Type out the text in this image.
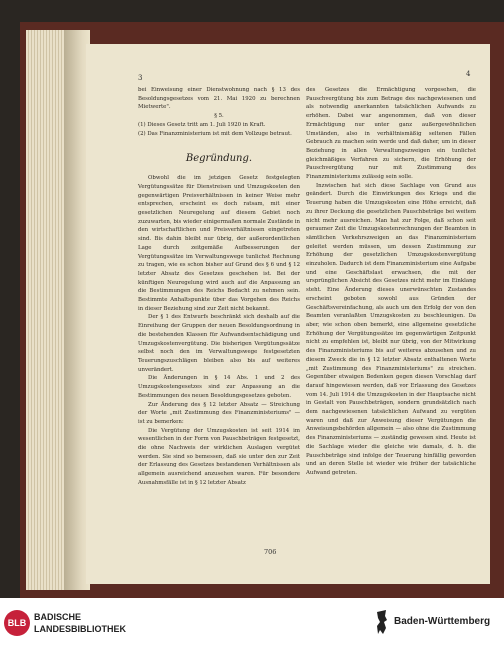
3	4

bei Einweisung einer Dienstwohnung nach § 13 des Besoldungsgesetzes vom 21. Mai 1920 zu berechnen Mietwerte".

§ 5.

(1) Dieses Gesetz tritt am 1. Juli 1920 in Kraft.

(2) Das Finanzministerium ist mit dem Vollzuge betraut.

Begründung.

Obwohl die im jetzigen Gesetz festgelegten Vergütungssätze für Dienstreisen und Umzugskosten den gegenwärtigen Preisverhältnissen in keiner Weise mehr entsprechen, erscheint es doch ratsam, mit einer gesetzlichen Neuregelung auf diesem Gebiet noch zuzuwarten, bis wieder einigermaßen normale Zustände in den wirtschaftlichen und Preisverhältnissen eingetreten sind. Bis dahin bleibt nur übrig, der außerordentlichen Lage durch zeitgemäße Aufbesserungen der Vergütungssätze im Verwaltungswege tunlichst Rechnung zu tragen, wie es schon bisher auf Grund des § 6 und § 12 letzter Absatz des Gesetzes geschehen ist. Bei der künftigen Neuregelung wird auch auf die Anpassung an die Bestimmungen des Reichs Bedacht zu nehmen sein. Bestimmte Anhaltspunkte über das Vorgehen des Reichs in dieser Beziehung sind zur Zeit nicht bekannt.

Der § 1 des Entwurfs beschränkt sich deshalb auf die Einreihung der Gruppen der neuen Besoldungsordnung in die bestehenden Klassen für Aufwandsentschädigung und Umzugskostenvergütung. Die bisherigen Vergütungssätze selbst noch den im Verwaltungswege festgesetzten Teuerungszuschlägen bleiben also bis auf weiteres unverändert.

Die Änderungen in § 14 Abs. 1 und 2 des Umzugskostengesetzes sind zur Anpassung an die Bestimmungen des neuen Besoldungsgesetzes geboten.

Zur Änderung des § 12 letzter Absatz — Streichung der Worte „mit Zustimmung des Finanzministeriums" — ist zu bemerken:

Die Vergütung der Umzugskosten ist seit 1914 im wesentlichen in der Form von Pauschbeträgen festgesetzt, die ohne Nachweis der wirklichen Auslagen vergütet werden. Sie sind so bemessen, daß sie unter den zur Zeit der Erlassung des Gesetzes bestandenen Verhältnissen als allgemein ausreichend anzusehen waren. Für besondere Ausnahmsfälle ist in § 12 letzter Absatz

des Gesetzes die Ermächtigung vorgesehen, die Pauschvergütung bis zum Betrage des nachgewiesenen und als notwendig anerkannten tatsächlichen Aufwands zu erhöhen. Dabei war angenommen, daß von dieser Ermächtigung nur unter ganz außergewöhnlichen Umständen, also in verhältnismäßig seltenen Fällen Gebrauch zu machen sein werde und daß daher, um in dieser Beziehung in allen Verwaltungszweigen ein tunlichst gleichmäßiges Verfahren zu sichern, die Erhöhung der Pauschvergütung nur mit Zustimmung des Finanzministeriums zulässig sein solle.

Inzwischen hat sich diese Sachlage von Grund aus geändert. Durch die Einwirkungen des Kriegs und die Teuerung haben die Umzugskosten eine Höhe erreicht, daß zu ihrer Deckung die gesetzlichen Pauschbeträge bei weitem nicht mehr ausreichen. Man hat zur Folge, daß schon seit geraumer Zeit die Umzugskostenrechnungen der Beamten in sämtlichen Verkehrszweigen an das Finanzministerium geleitet werden müssen, um dessen Zustimmung zur Erhöhung der gesetzlichen Umzugskostenvergütung einzuholen. Dadurch ist dem Finanzministerium eine Aufgabe und eine Geschäftslast erwachsen, die mit der ursprünglichen Absicht des Gesetzes nicht mehr im Einklang steht. Eine Änderung dieses unerwünschten Zustandes erscheint geboten sowohl aus Gründen der Geschäftsvereinfachung, als auch um den Erfolg der von den Beamten veranlaßten Umzugskosten zu beschleunigen. Da aber, wie schon oben bemerkt, eine allgemeine gesetzliche Erhöhung der Vergütungssätze im gegenwärtigen Zeitpunkt nicht zu empfehlen ist, bleibt nur übrig, von der Mitwirkung des Finanzministeriums bis auf weiteres abzusehen und zu diesem Zweck die in § 12 letzter Absatz enthaltenen Worte „mit Zustimmung des Finanzministeriums" zu streichen. Gegenüber etwaigen Bedenken gegen diesen Vorschlag darf darauf hingewiesen werden, daß vor Erlassung des Gesetzes vom 14. Juli 1914 die Umzugskosten in der Hauptsache nicht in Gestalt von Pauschbeträgen, sondern grundsätzlich nach dem nachgewiesenen tatsächlichen Aufwand zu vergüten waren und daß zur Anweisung dieser Vergütungen die Anweisungsbehörden allgemein — also ohne die Zustimmung des Finanzministeriums — zuständig gewesen sind. Heute ist die Sachlage wieder die gleiche wie damals, d. h. die Pauschbeträge sind infolge der Teuerung hinfällig geworden und an deren Stelle ist wieder wie früher der tatsächliche Aufwand getreten.

706
BLB
BADISCHE
LANDESBIBLIOTHEK
Baden-Württemberg
